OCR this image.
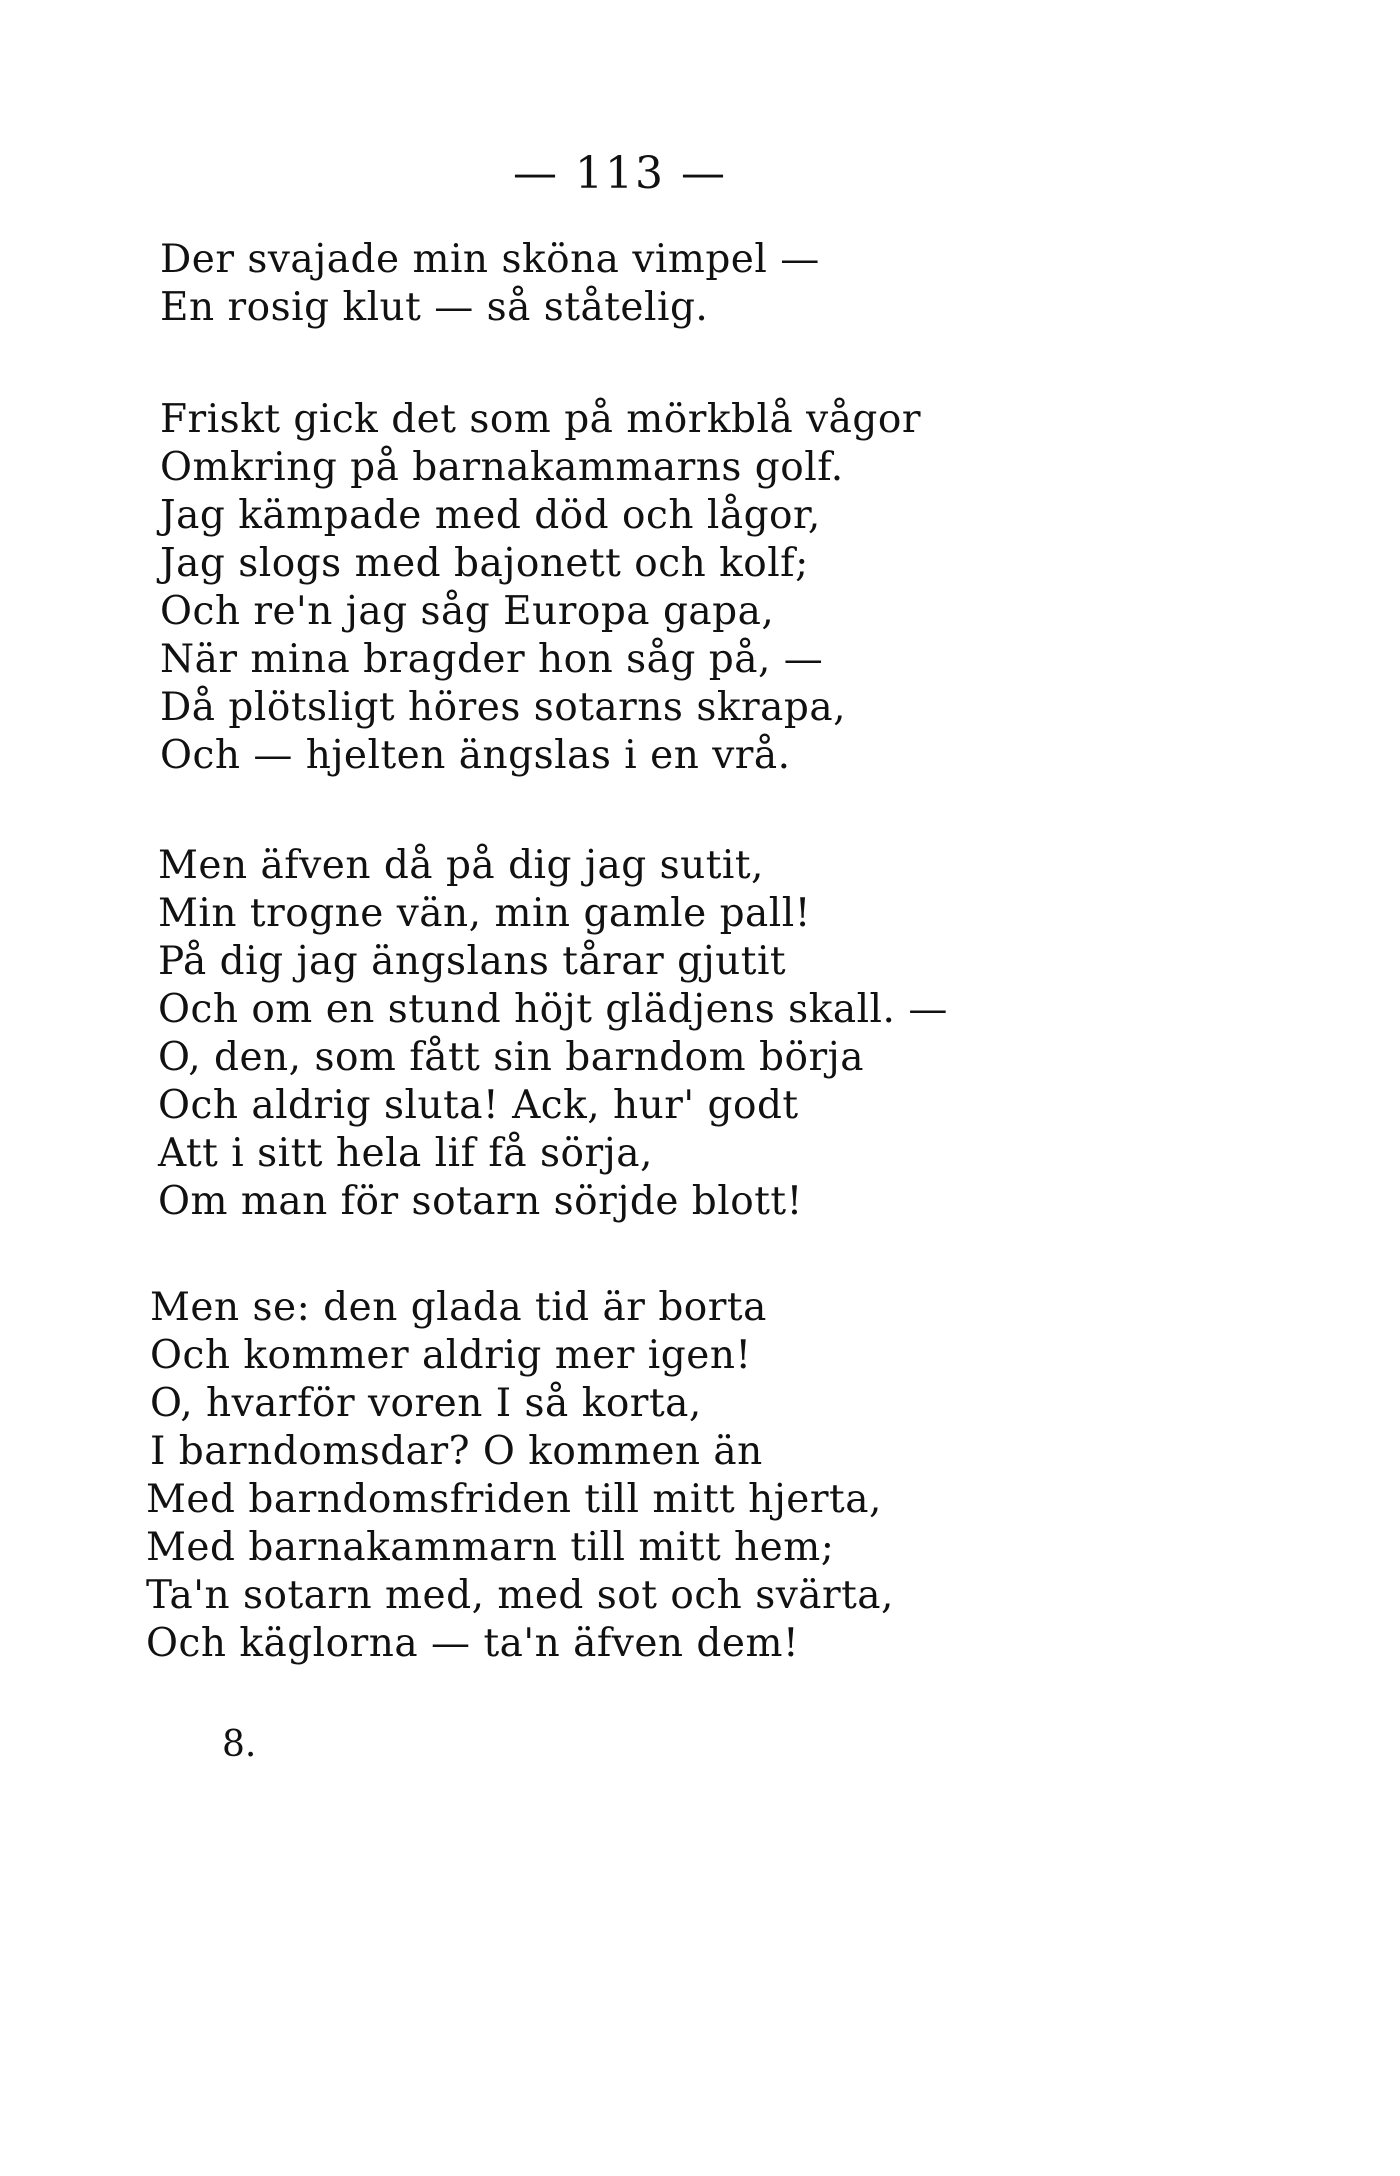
— 113 —
Der svajade min sköna vimpel —
En rosig klut — så ståtelig.
Friskt gick det som på mörkblå vågor
Omkring på barnakammarns golf.
Jag kämpade med död och lågor,
Jag slogs med bajonett och kolf;
Och re'n jag såg Europa gapa,
När mina bragder hon såg på, —
Då plötsligt höres sotarns skrapa,
Och — hjelten ängslas i en vrå.
Men äfven då på dig jag sutit,
Min trogne vän, min gamle pall!
På dig jag ängslans tårar gjutit
Och om en stund höjt glädjens skall. —
O, den, som fått sin barndom börja
Och aldrig sluta! Ack, hur' godt
Att i sitt hela lif få sörja,
Om man för sotarn sörjde blott!
Men se: den glada tid är borta
Och kommer aldrig mer igen!
O, hvarför voren I så korta,
I barndomsdar? O kommen än
Med barndomsfriden till mitt hjerta,
Med barnakammarn till mitt hem;
Ta'n sotarn med, med sot och svärta,
Och käglorna — ta'n äfven dem!
8.
